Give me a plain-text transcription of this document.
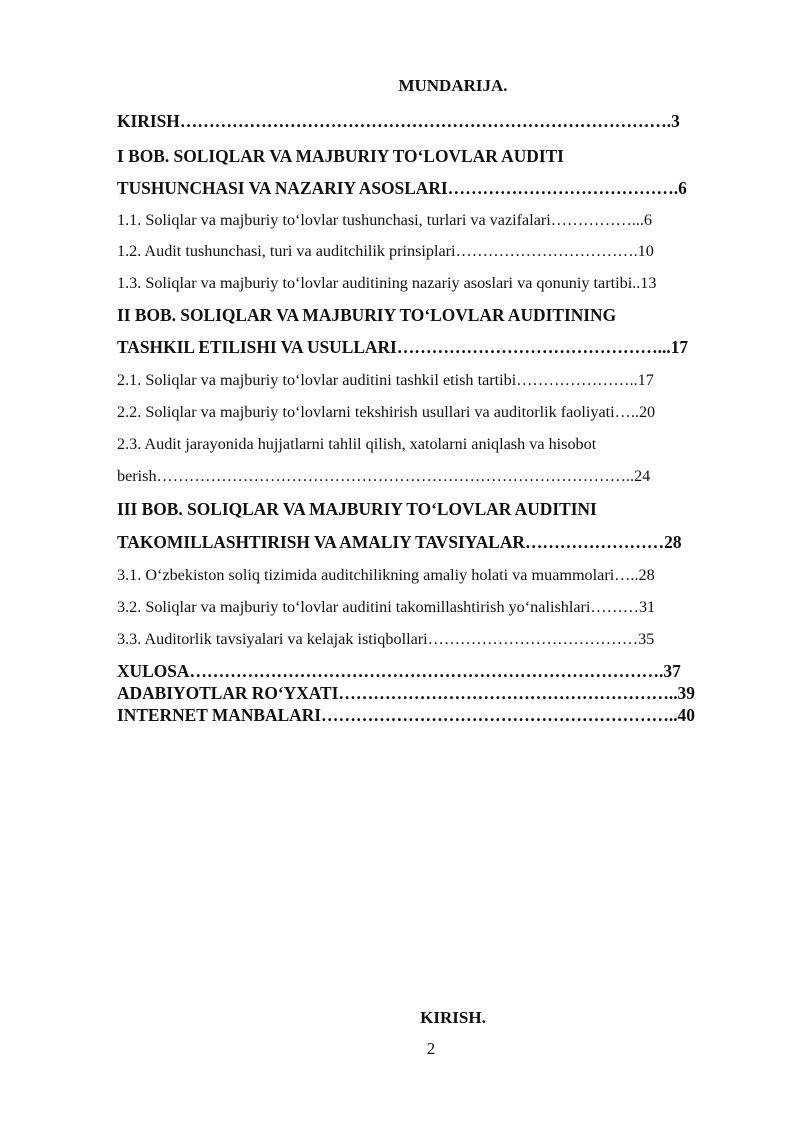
MUNDARIJA.
KIRISH………………………………………………………………………….3
I BOB. SOLIQLAR VA MAJBURIY TO‘LOVLAR AUDITI
TUSHUNCHASI VA NAZARIY ASOSLARI………………………………….6
1.1. Soliqlar va majburiy to‘lovlar tushunchasi, turlari va vazifalari……………...6
1.2. Audit tushunchasi, turi va auditchilik prinsiplari…………………………….10
1.3. Soliqlar va majburiy to‘lovlar auditining nazariy asoslari va qonuniy tartibi..13
II BOB. SOLIQLAR VA MAJBURIY TO‘LOVLAR AUDITINING
TASHKIL ETILISHI VA USULLARI………………………………………...17
2.1. Soliqlar va majburiy to‘lovlar auditini tashkil etish tartibi…………………..17
2.2. Soliqlar va majburiy to‘lovlarni tekshirish usullari va auditorlik faoliyati…..20
2.3. Audit jarayonida hujjatlarni tahlil qilish, xatolarni aniqlash va hisobot
berish……………………………………………………………………………..24
III BOB. SOLIQLAR VA MAJBURIY TO‘LOVLAR AUDITINI
TAKOMILLASHTIRISH VA AMALIY TAVSIYALAR……………………28
3.1. O‘zbekiston soliq tizimida auditchilikning amaliy holati va muammolari…..28
3.2. Soliqlar va majburiy to‘lovlar auditini takomillashtirish yo‘nalishlari………31
3.3. Auditorlik tavsiyalari va kelajak istiqbollari…………………………………35
XULOSA……………………………………………………………………….37
ADABIYOTLAR RO‘YXATI…………………………………………………..39
INTERNET MANBALARI……………………………………………………..40
KIRISH.
2
